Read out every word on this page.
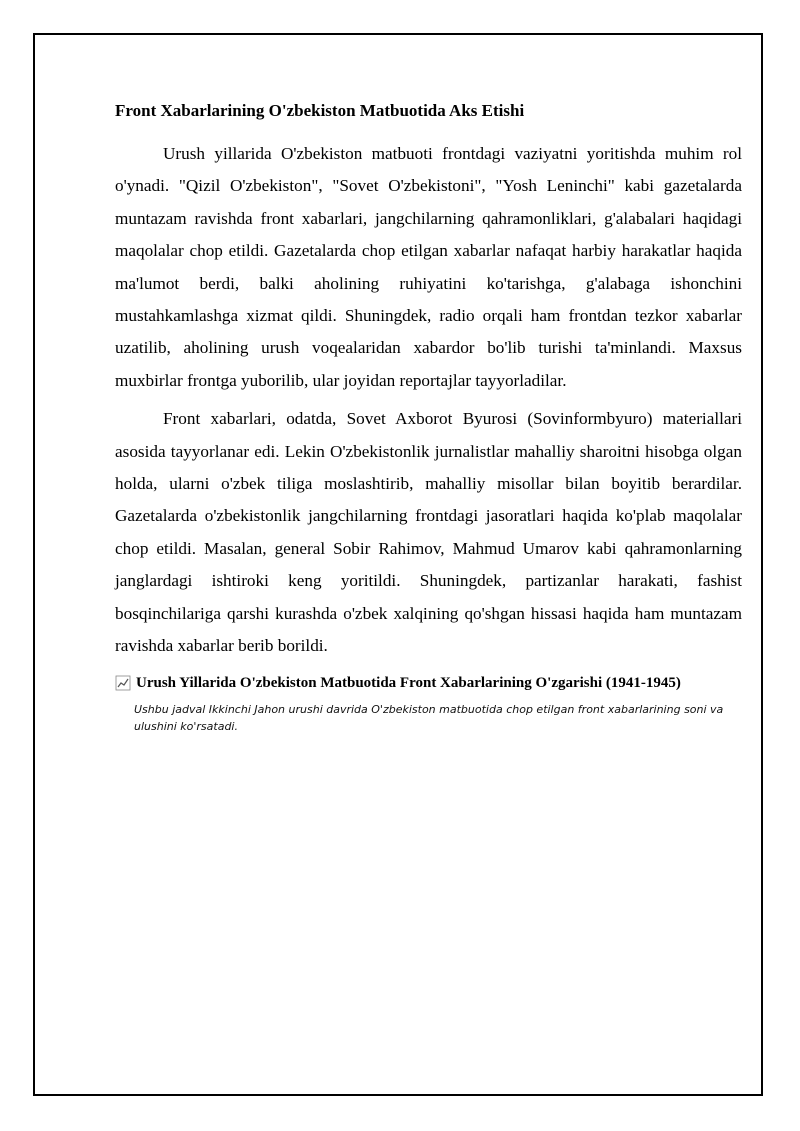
Front Xabarlarining O'zbekiston Matbuotida Aks Etishi

Urush yillarida O'zbekiston matbuoti frontdagi vaziyatni yoritishda muhim rol o'ynadi. "Qizil O'zbekiston", "Sovet O'zbekistoni", "Yosh Leninchi" kabi gazetalarda muntazam ravishda front xabarlari, jangchilarning qahramonliklari, g'alabalari haqidagi maqolalar chop etildi. Gazetalarda chop etilgan xabarlar nafaqat harbiy harakatlar haqida ma'lumot berdi, balki aholining ruhiyatini ko'tarishga, g'alabaga ishonchini mustahkamlashga xizmat qildi. Shuningdek, radio orqali ham frontdan tezkor xabarlar uzatilib, aholining urush voqealaridan xabardor bo'lib turishi ta'minlandi. Maxsus muxbirlar frontga yuborilib, ular joyidan reportajlar tayyorladilar.

Front xabarlari, odatda, Sovet Axborot Byurosi (Sovinformbyuro) materiallari asosida tayyorlanar edi. Lekin O'zbekistonlik jurnalistlar mahalliy sharoitni hisobga olgan holda, ularni o'zbek tiliga moslashtirib, mahalliy misollar bilan boyitib berardilar. Gazetalarda o'zbekistonlik jangchilarning frontdagi jasoratlari haqida ko'plab maqolalar chop etildi. Masalan, general Sobir Rahimov, Mahmud Umarov kabi qahramonlarning janglardagi ishtiroki keng yoritildi. Shuningdek, partizanlar harakati, fashist bosqinchilariga qarshi kurashda o'zbek xalqining qo'shgan hissasi haqida ham muntazam ravishda xabarlar berib borildi.

Urush Yillarida O'zbekiston Matbuotida Front Xabarlarining O'zgarishi (1941-1945)
Ushbu jadval Ikkinchi Jahon urushi davrida O'zbekiston matbuotida chop etilgan front xabarlarining soni va ulushini ko'rsatadi.
